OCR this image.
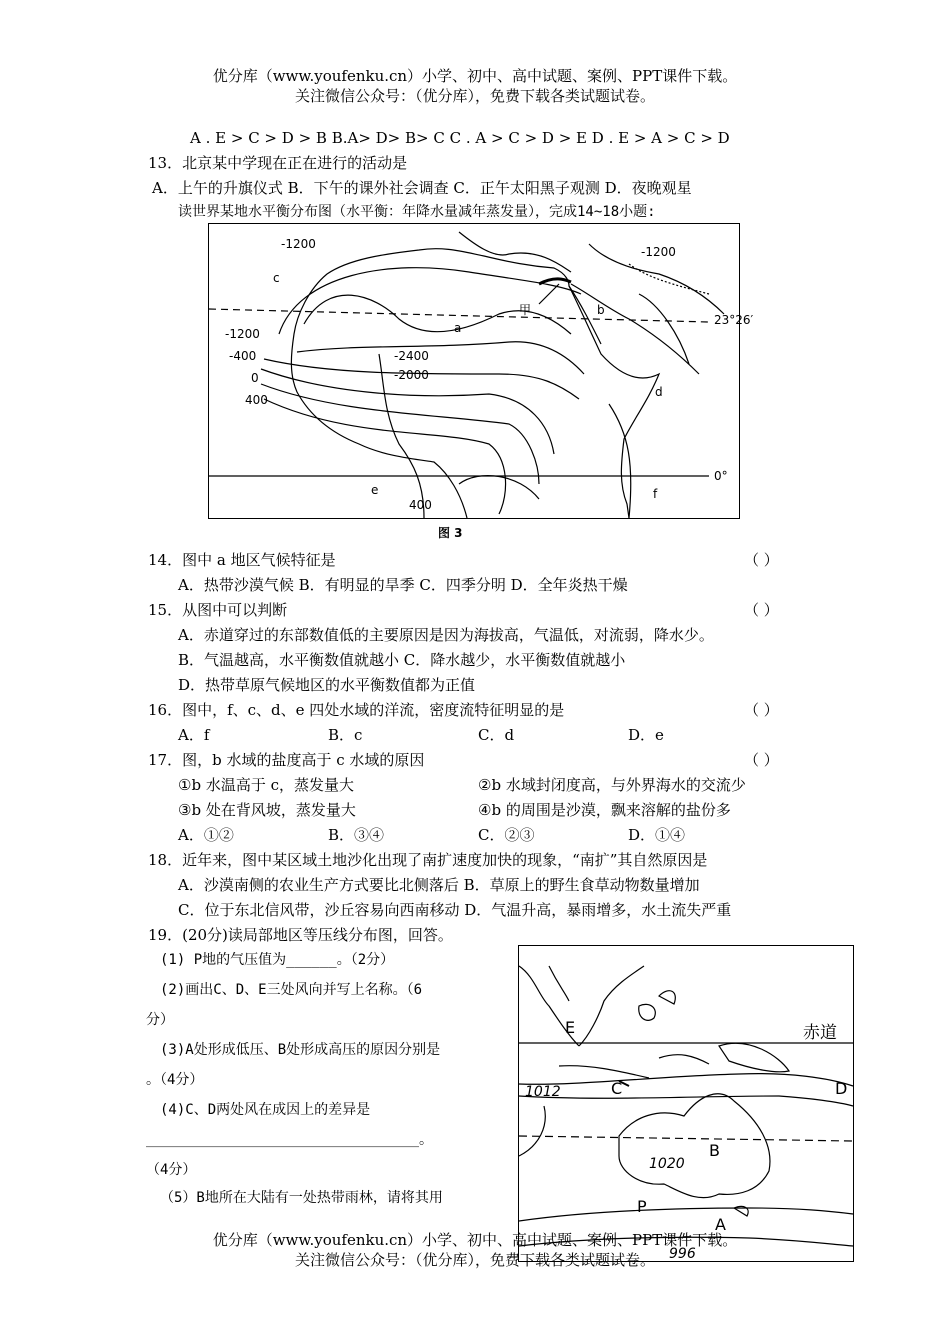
优分库（www.youfenku.cn）小学、初中、高中试题、案例、PPT课件下载。
关注微信公众号：（优分库），免费下载各类试题试卷。
A . E > C > D > B B.A> D> B> C C . A > C > D > E D . E > A > C > D
13．北京某中学现在正在进行的活动是
A．上午的升旗仪式 B．下午的课外社会调查 C．正午太阳黑子观测 D．夜晚观星
读世界某地水平衡分布图（水平衡：年降水量减年蒸发量），完成14~18小题:
-1200
-1200
-1200
-400
0
400
-2400
-2000
400
23°26′
0°
a
b
c
d
e	f
甲
图 3
14．图中 a 地区气候特征是	（ ）
A．热带沙漠气候 B．有明显的旱季 C．四季分明 D．全年炎热干燥
15．从图中可以判断	（ ）
A．赤道穿过的东部数值低的主要原因是因为海拔高，气温低，对流弱，降水少。
B．气温越高，水平衡数值就越小 C．降水越少，水平衡数值就越小
D．热带草原气候地区的水平衡数值都为正值
16．图中，f、c、d、e 四处水域的洋流，密度流特征明显的是	（ ）
A．f	B．c	C．d	D．e
17．图，b 水域的盐度高于 c 水域的原因	（ ）
①b 水温高于 c，蒸发量大	②b 水域封闭度高，与外界海水的交流少
③b 处在背风坡，蒸发量大	④b 的周围是沙漠，飘来溶解的盐份多
A．①②	B．③④	C．②③	D．①④
18．近年来，图中某区域土地沙化出现了南扩速度加快的现象，“南扩”其自然原因是
A．沙漠南侧的农业生产方式要比北侧落后 B．草原上的野生食草动物数量增加
C．位于东北信风带，沙丘容易向西南移动 D．气温升高，暴雨增多，水土流失严重
19．(20分)读局部地区等压线分布图，回答。
(1) P地的气压值为______。（2分）
(2)画出C、D、E三处风向并写上名称。（6
分）
(3)A处形成低压、B处形成高压的原因分别是
。（4分）
(4)C、D两处风在成因上的差异是
_______________________________________。
（4分）
（5）B地所在大陆有一处热带雨林，请将其用
E
C	D
B
P
A
赤道
1012
1020
996
优分库（www.youfenku.cn）小学、初中、高中试题、案例、PPT课件下载。
关注微信公众号：（优分库），免费下载各类试题试卷。
